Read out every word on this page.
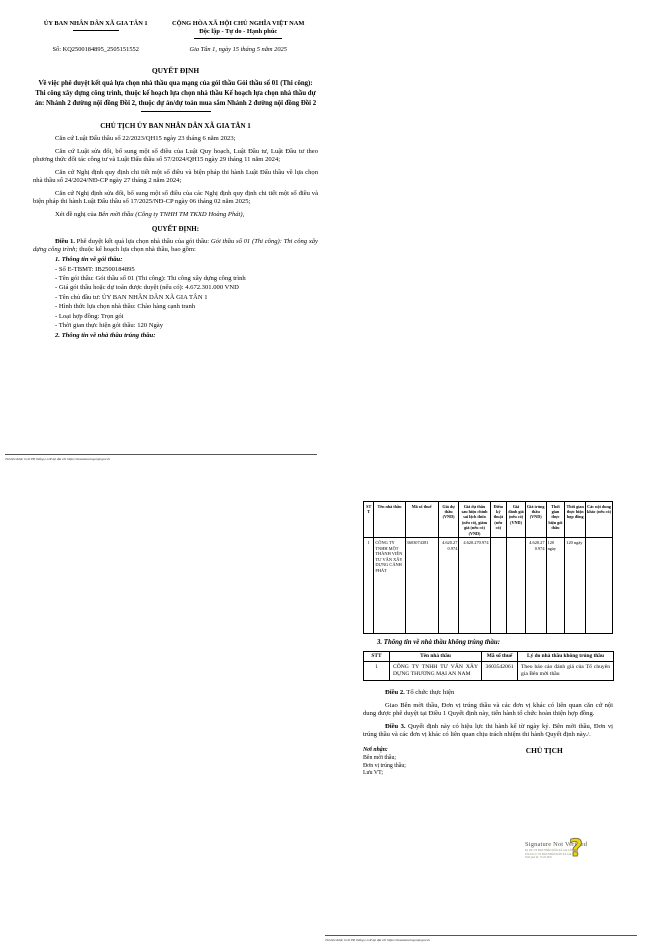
ỦY BAN NHÂN DÂN XÃ GIA TÂN 1	CỘNG HÒA XÃ HỘI CHỦ NGHĨA VIỆT NAM
Độc lập - Tự do - Hạnh phúc
Số: KQ2500184895_2505151552	Gia Tân 1, ngày 15 tháng 5 năm 2025
QUYẾT ĐỊNH
Về việc phê duyệt kết quả lựa chọn nhà thầu qua mạng của gói thầu Gói thầu số 01 (Thi công): Thi công xây dựng công trình, thuộc kế hoạch lựa chọn nhà thầu Kế hoạch lựa chọn nhà thầu dự án: Nhánh 2 đường nội đồng Đồi 2, thuộc dự án/dự toán mua sắm Nhánh 2 đường nội đồng Đồi 2
CHỦ TỊCH ỦY BAN NHÂN DÂN XÃ GIA TÂN 1
Căn cứ Luật Đấu thầu số 22/2023/QH15 ngày 23 tháng 6 năm 2023;
Căn cứ Luật sửa đổi, bổ sung một số điều của Luật Quy hoạch, Luật Đầu tư, Luật Đầu tư theo phương thức đối tác công tư và Luật Đấu thầu số 57/2024/QH15 ngày 29 tháng 11 năm 2024;
Căn cứ Nghị định quy định chi tiết một số điều và biện pháp thi hành Luật Đấu thầu về lựa chọn nhà thầu số 24/2024/NĐ-CP ngày 27 tháng 2 năm 2024;
Căn cứ Nghị định sửa đổi, bổ sung một số điều của các Nghị định quy định chi tiết một số điều và biện pháp thi hành Luật Đấu thầu số 17/2025/NĐ-CP ngày 06 tháng 02 năm 2025;
Xét đề nghị của Bên mời thầu (Công ty TNHH TM TKXD Hoàng Phát),
QUYẾT ĐỊNH:
Điều 1. Phê duyệt kết quả lựa chọn nhà thầu của gói thầu: Gói thầu số 01 (Thi công): Thi công xây dựng công trình; thuộc kế hoạch lựa chọn nhà thầu, bao gồm:
1. Thông tin về gói thầu:
- Số E-TBMT: IB2500184895
- Tên gói thầu: Gói thầu số 01 (Thi công): Thi công xây dựng công trình
- Giá gói thầu hoặc dự toán được duyệt (nếu có): 4.672.301.000 VND
- Tên chủ đầu tư: ỦY BAN NHÂN DÂN XÃ GIA TÂN 1
- Hình thức lựa chọn nhà thầu: Chào hàng cạnh tranh
- Loại hợp đồng: Trọn gói
- Thời gian thực hiện gói thầu: 120 Ngày
2. Thông tin về nhà thầu trúng thầu:
Tài liệu được in từ Hệ thống e-GP tại địa chỉ https://muasamcong.mpi.gov.vn
STT	Tên nhà thầu	Mã số thuế	Giá dự thầu (VND)	Giá dự thầu sau hiệu chỉnh sai lệch thừa (nếu có), giảm giá (nếu có) (VND)	Điểm kỹ thuật (nếu có)	Giá đánh giá (nếu có) (VND)	Giá trúng thầu (VND)	Thời gian thực hiện gói thầu	Thời gian thực hiện hợp đồng	Các nội dung khác (nếu có)
1	CÔNG TY TNHH MỘT THÀNH VIÊN TƯ VẤN XÂY DỰNG CÁNH PHÁT	3603074381	4.620.270.974	4.620.270.974			4.620.270.974	120 ngày	120 ngày	
3. Thông tin về nhà thầu không trúng thầu:
STT	Tên nhà thầu	Mã số thuế	Lý do nhà thầu không trúng thầu
1	CÔNG TY TNHH TƯ VẤN XÂY DỰNG THƯƠNG MẠI AN NAM	3603542061	Theo báo cáo đánh giá của Tổ chuyên gia Bên mời thầu
Điều 2. Tổ chức thực hiện
Giao Bên mời thầu, Đơn vị trúng thầu và các đơn vị khác có liên quan căn cứ nội dung được phê duyệt tại Điều 1 Quyết định này, tiến hành tổ chức hoàn thiện hợp đồng.
Điều 3. Quyết định này có hiệu lực thi hành kể từ ngày ký. Bên mời thầu, Đơn vị trúng thầu và các đơn vị khác có liên quan chịu trách nhiệm thi hành Quyết định này./.
Nơi nhận:
Bên mời thầu;
Đơn vị trúng thầu;
Lưu VT;
CHỦ TỊCH
Signature Not Verified
Ký bởi: UY BAN NHÂN DÂN XÃ GIA TÂN 1
Tên đơn vị: UY BAN NHÂN DÂN XÃ GIA TÂN 1
Thời gian ký: 15-05-2025 ?
Tài liệu được in từ Hệ thống e-GP tại địa chỉ https://muasamcong.mpi.gov.vn
